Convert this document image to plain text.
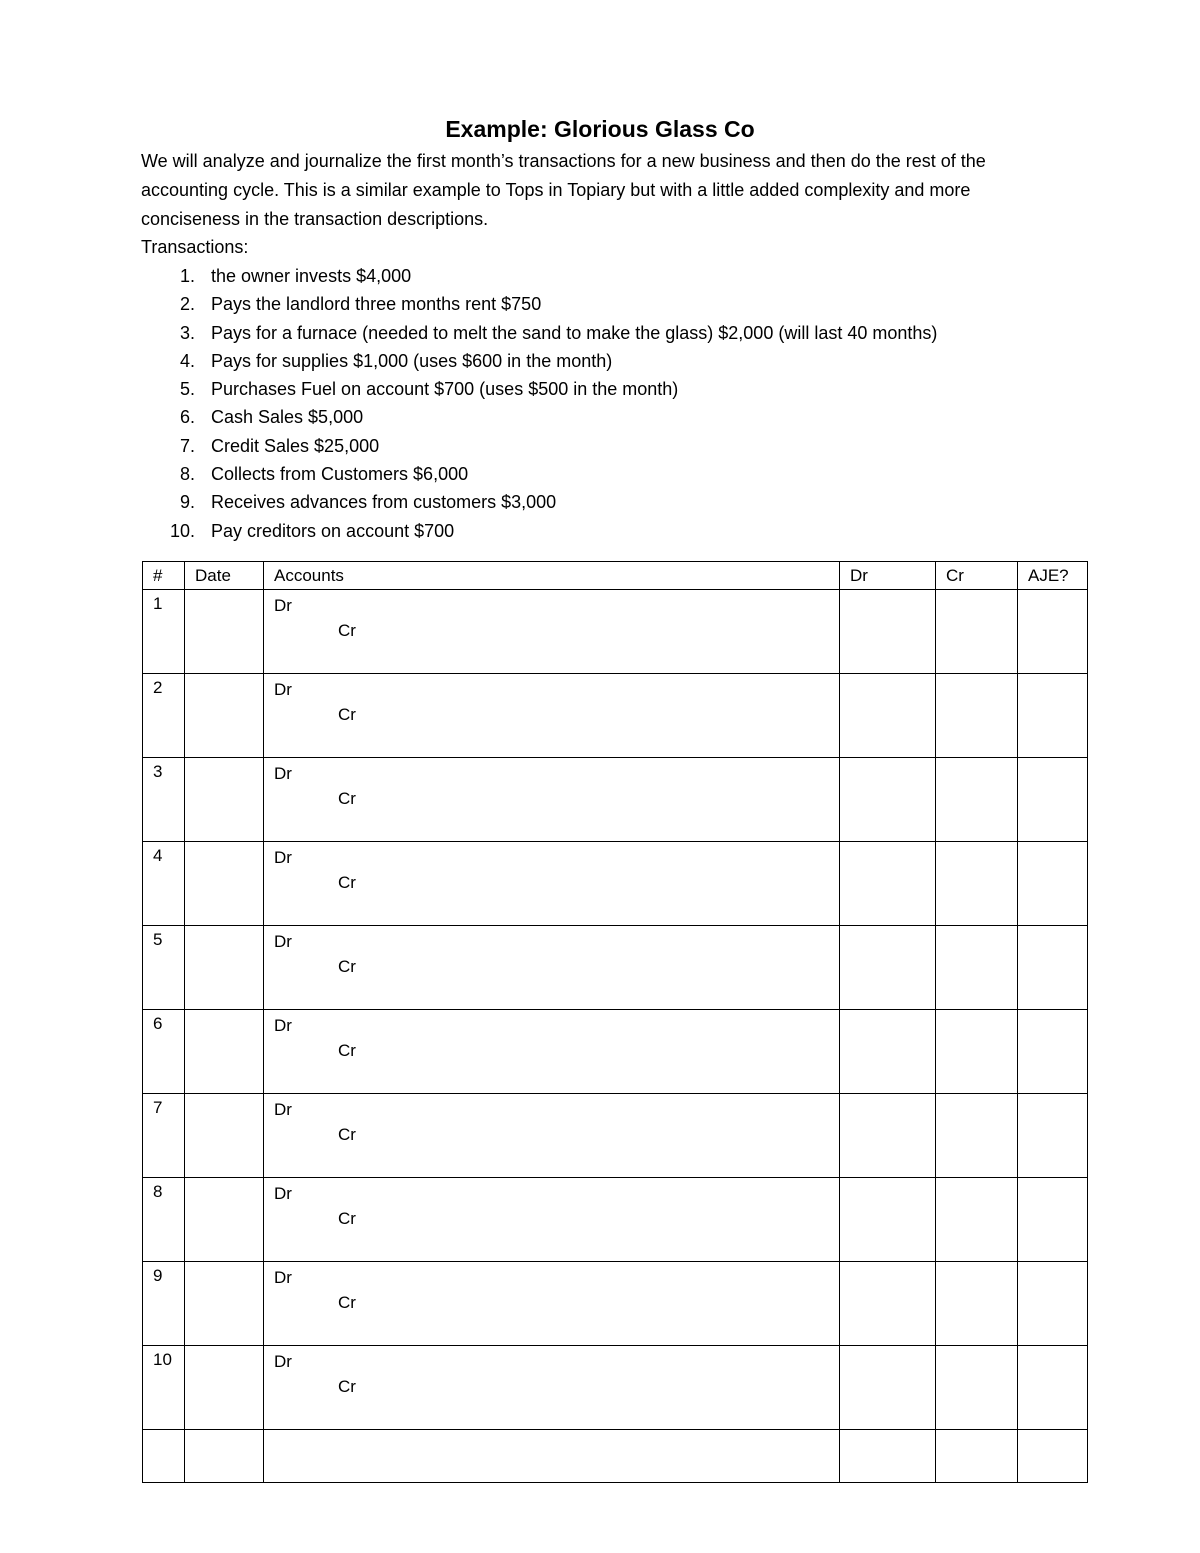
Example: Glorious Glass Co

We will analyze and journalize the first month’s transactions for a new business and then do the rest of the accounting cycle. This is a similar example to Tops in Topiary but with a little added complexity and more conciseness in the transaction descriptions.

Transactions:
1. the owner invests $4,000
2. Pays the landlord three months rent $750
3. Pays for a furnace (needed to melt the sand to make the glass) $2,000 (will last 40 months)
4. Pays for supplies $1,000 (uses $600 in the month)
5. Purchases Fuel on account $700 (uses $500 in the month)
6. Cash Sales $5,000
7. Credit Sales $25,000
8. Collects from Customers $6,000
9. Receives advances from customers $3,000
10. Pay creditors on account $700
#	Date	Accounts	Dr	Cr	AJE?
1		Dr
Cr			

2		Dr
Cr			

3		Dr
Cr			

4		Dr
Cr			

5		Dr
Cr			

6		Dr
Cr			

7		Dr
Cr			

8		Dr
Cr			

9		Dr
Cr			

10		Dr
Cr			
